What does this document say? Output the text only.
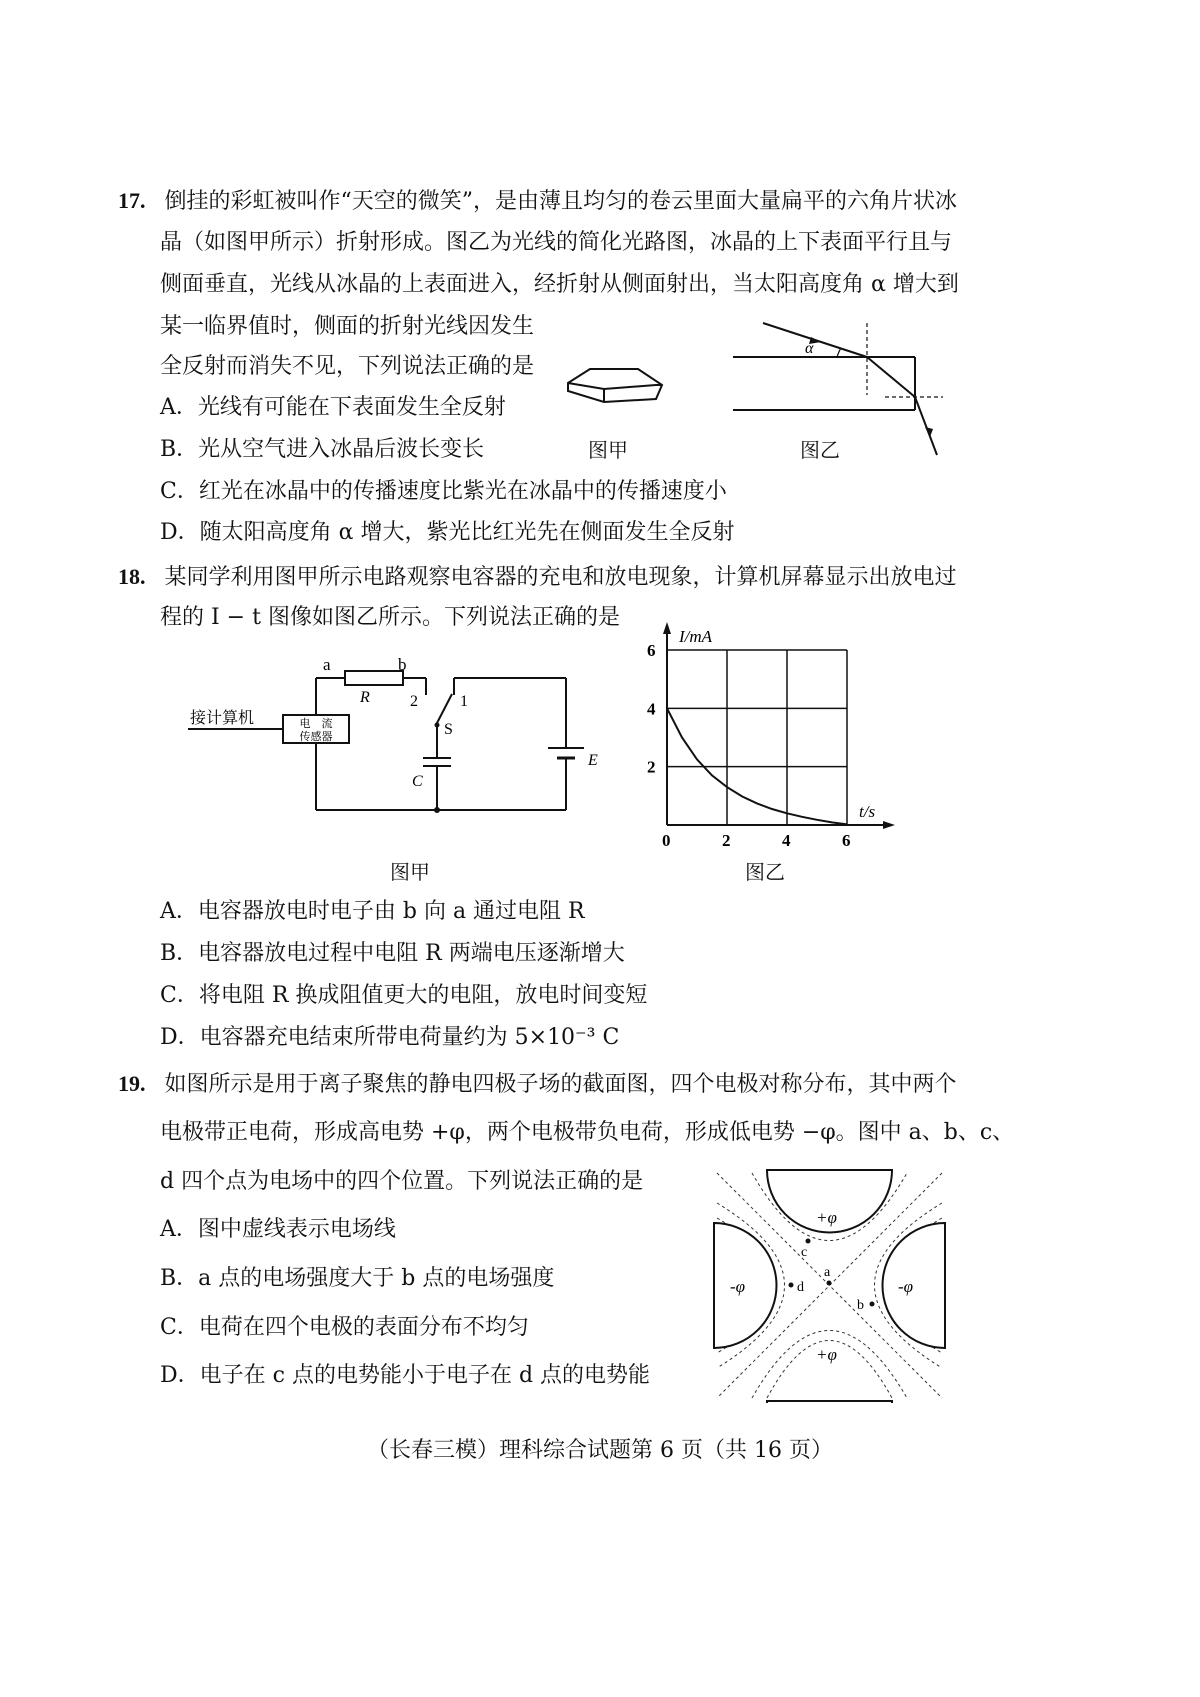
17. 倒挂的彩虹被叫作“天空的微笑”，是由薄且均匀的卷云里面大量扁平的六角片状冰
晶（如图甲所示）折射形成。图乙为光线的简化光路图，冰晶的上下表面平行且与
侧面垂直，光线从冰晶的上表面进入，经折射从侧面射出，当太阳高度角 α 增大到
某一临界值时，侧面的折射光线因发生
全反射而消失不见，下列说法正确的是
A．光线有可能在下表面发生全反射
B．光从空气进入冰晶后波长变长
C．红光在冰晶中的传播速度比紫光在冰晶中的传播速度小
D．随太阳高度角 α 增大，紫光比红光先在侧面发生全反射
图甲
α
图乙
18. 某同学利用图甲所示电路观察电容器的充电和放电现象，计算机屏幕显示出放电过
程的 I − t 图像如图乙所示。下列说法正确的是
电　流
传感器
接计算机
a	b
R	2	1
S
C
E
图甲
0	2	4	6
2
4
6
I/mA
t/s
图乙
A．电容器放电时电子由 b 向 a 通过电阻 R
B．电容器放电过程中电阻 R 两端电压逐渐增大
C．将电阻 R 换成阻值更大的电阻，放电时间变短
D．电容器充电结束所带电荷量约为 5×10⁻³ C
19. 如图所示是用于离子聚焦的静电四极子场的截面图，四个电极对称分布，其中两个
电极带正电荷，形成高电势 +φ，两个电极带负电荷，形成低电势 −φ。图中 a、b、c、
d 四个点为电场中的四个位置。下列说法正确的是
A．图中虚线表示电场线
B．a 点的电场强度大于 b 点的电场强度
C．电荷在四个电极的表面分布不均匀
D．电子在 c 点的电势能小于电子在 d 点的电势能
+φ
+φ
-φ	-φ
a
b
c
d
（长春三模）理科综合试题第 6 页（共 16 页）
